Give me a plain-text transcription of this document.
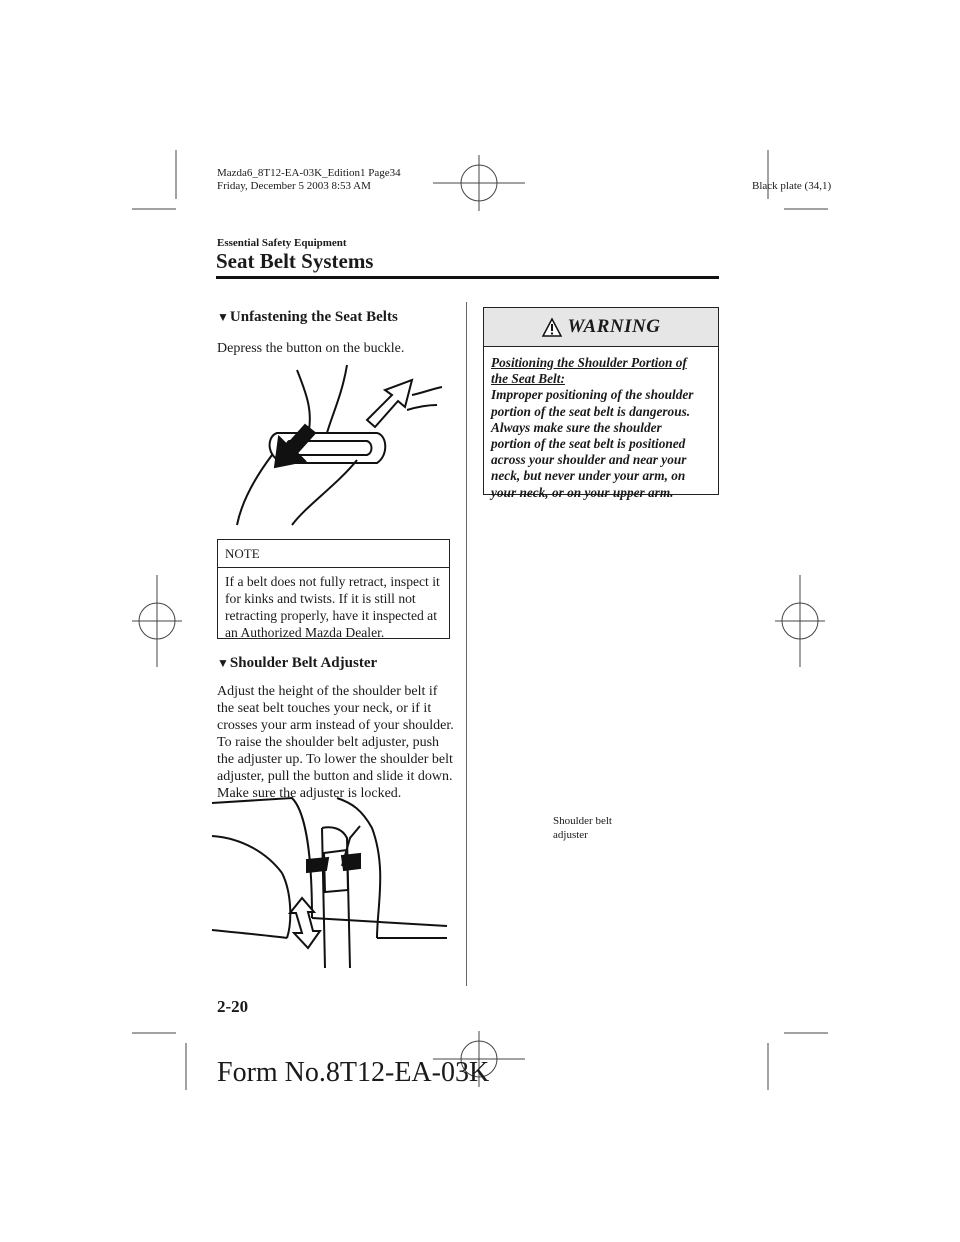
Mazda6_8T12-EA-03K_Edition1 Page34
Friday, December 5 2003 8:53 AM	Black plate (34,1)
Essential Safety Equipment
Seat Belt Systems
▼Unfastening the Seat Belts
Depress the button on the buckle.
NOTE
If a belt does not fully retract, inspect it
for kinks and twists. If it is still not
retracting properly, have it inspected at
an Authorized Mazda Dealer.
▼Shoulder Belt Adjuster
Adjust the height of the shoulder belt if
the seat belt touches your neck, or if it
crosses your arm instead of your shoulder.
To raise the shoulder belt adjuster, push
the adjuster up. To lower the shoulder belt
adjuster, pull the button and slide it down.
Make sure the adjuster is locked.
Shoulder belt
adjuster
WARNING
Positioning the Shoulder Portion of
the Seat Belt:
Improper positioning of the shoulder
portion of the seat belt is dangerous.
Always make sure the shoulder
portion of the seat belt is positioned
across your shoulder and near your
neck, but never under your arm, on
your neck, or on your upper arm.
2-20
Form No.8T12-EA-03K
